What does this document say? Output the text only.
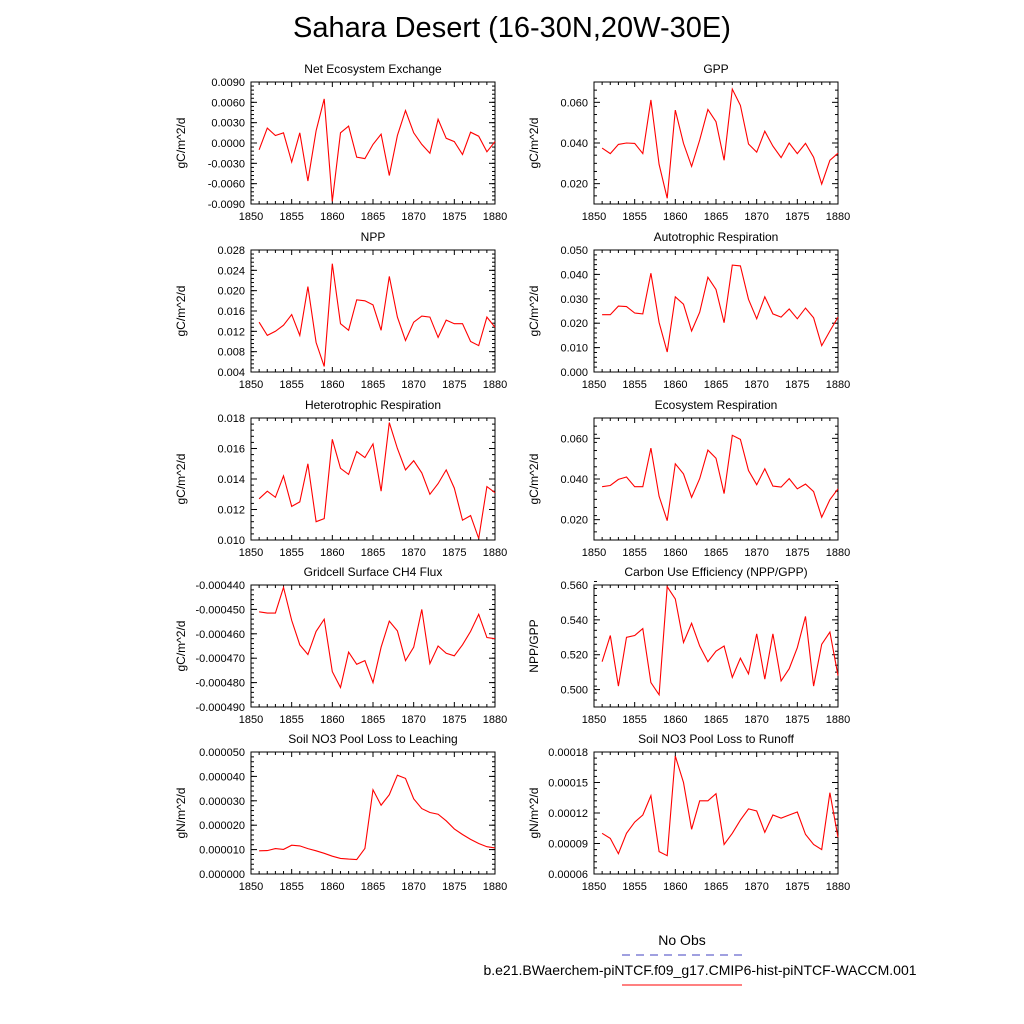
Sahara Desert (16-30N,20W-30E)
Net Ecosystem Exchange
1850 1855 1860 1865 1870 1875 1880
-0.0090
-0.0060
-0.0030
0.0000
0.0030
0.0060
0.0090
gC/m^2/d
GPP
1850 1855 1860 1865 1870 1875 1880
0.020
0.040
0.060
gC/m^2/d
NPP
1850 1855 1860 1865 1870 1875 1880
0.004
0.008
0.012
0.016
0.020
0.024
0.028
gC/m^2/d
Autotrophic Respiration
1850 1855 1860 1865 1870 1875 1880
0.000
0.010
0.020
0.030
0.040
0.050
gC/m^2/d
Heterotrophic Respiration
1850 1855 1860 1865 1870 1875 1880
0.010
0.012
0.014
0.016
0.018
gC/m^2/d
Ecosystem Respiration
1850 1855 1860 1865 1870 1875 1880
0.020
0.040
0.060
gC/m^2/d
Gridcell Surface CH4 Flux
1850 1855 1860 1865 1870 1875 1880
-0.000490
-0.000480
-0.000470
-0.000460
-0.000450
-0.000440
gC/m^2/d
Carbon Use Efficiency (NPP/GPP)
1850 1855 1860 1865 1870 1875 1880
0.500
0.520
0.540
0.560
NPP/GPP
Soil NO3 Pool Loss to Leaching
1850 1855 1860 1865 1870 1875 1880
0.000000
0.000010
0.000020
0.000030
0.000040
0.000050
gN/m^2/d
Soil NO3 Pool Loss to Runoff
1850 1855 1860 1865 1870 1875 1880
0.00006
0.00009
0.00012
0.00015
0.00018
gN/m^2/d
No Obs
b.e21.BWaerchem-piNTCF.f09_g17.CMIP6-hist-piNTCF-WACCM.001
